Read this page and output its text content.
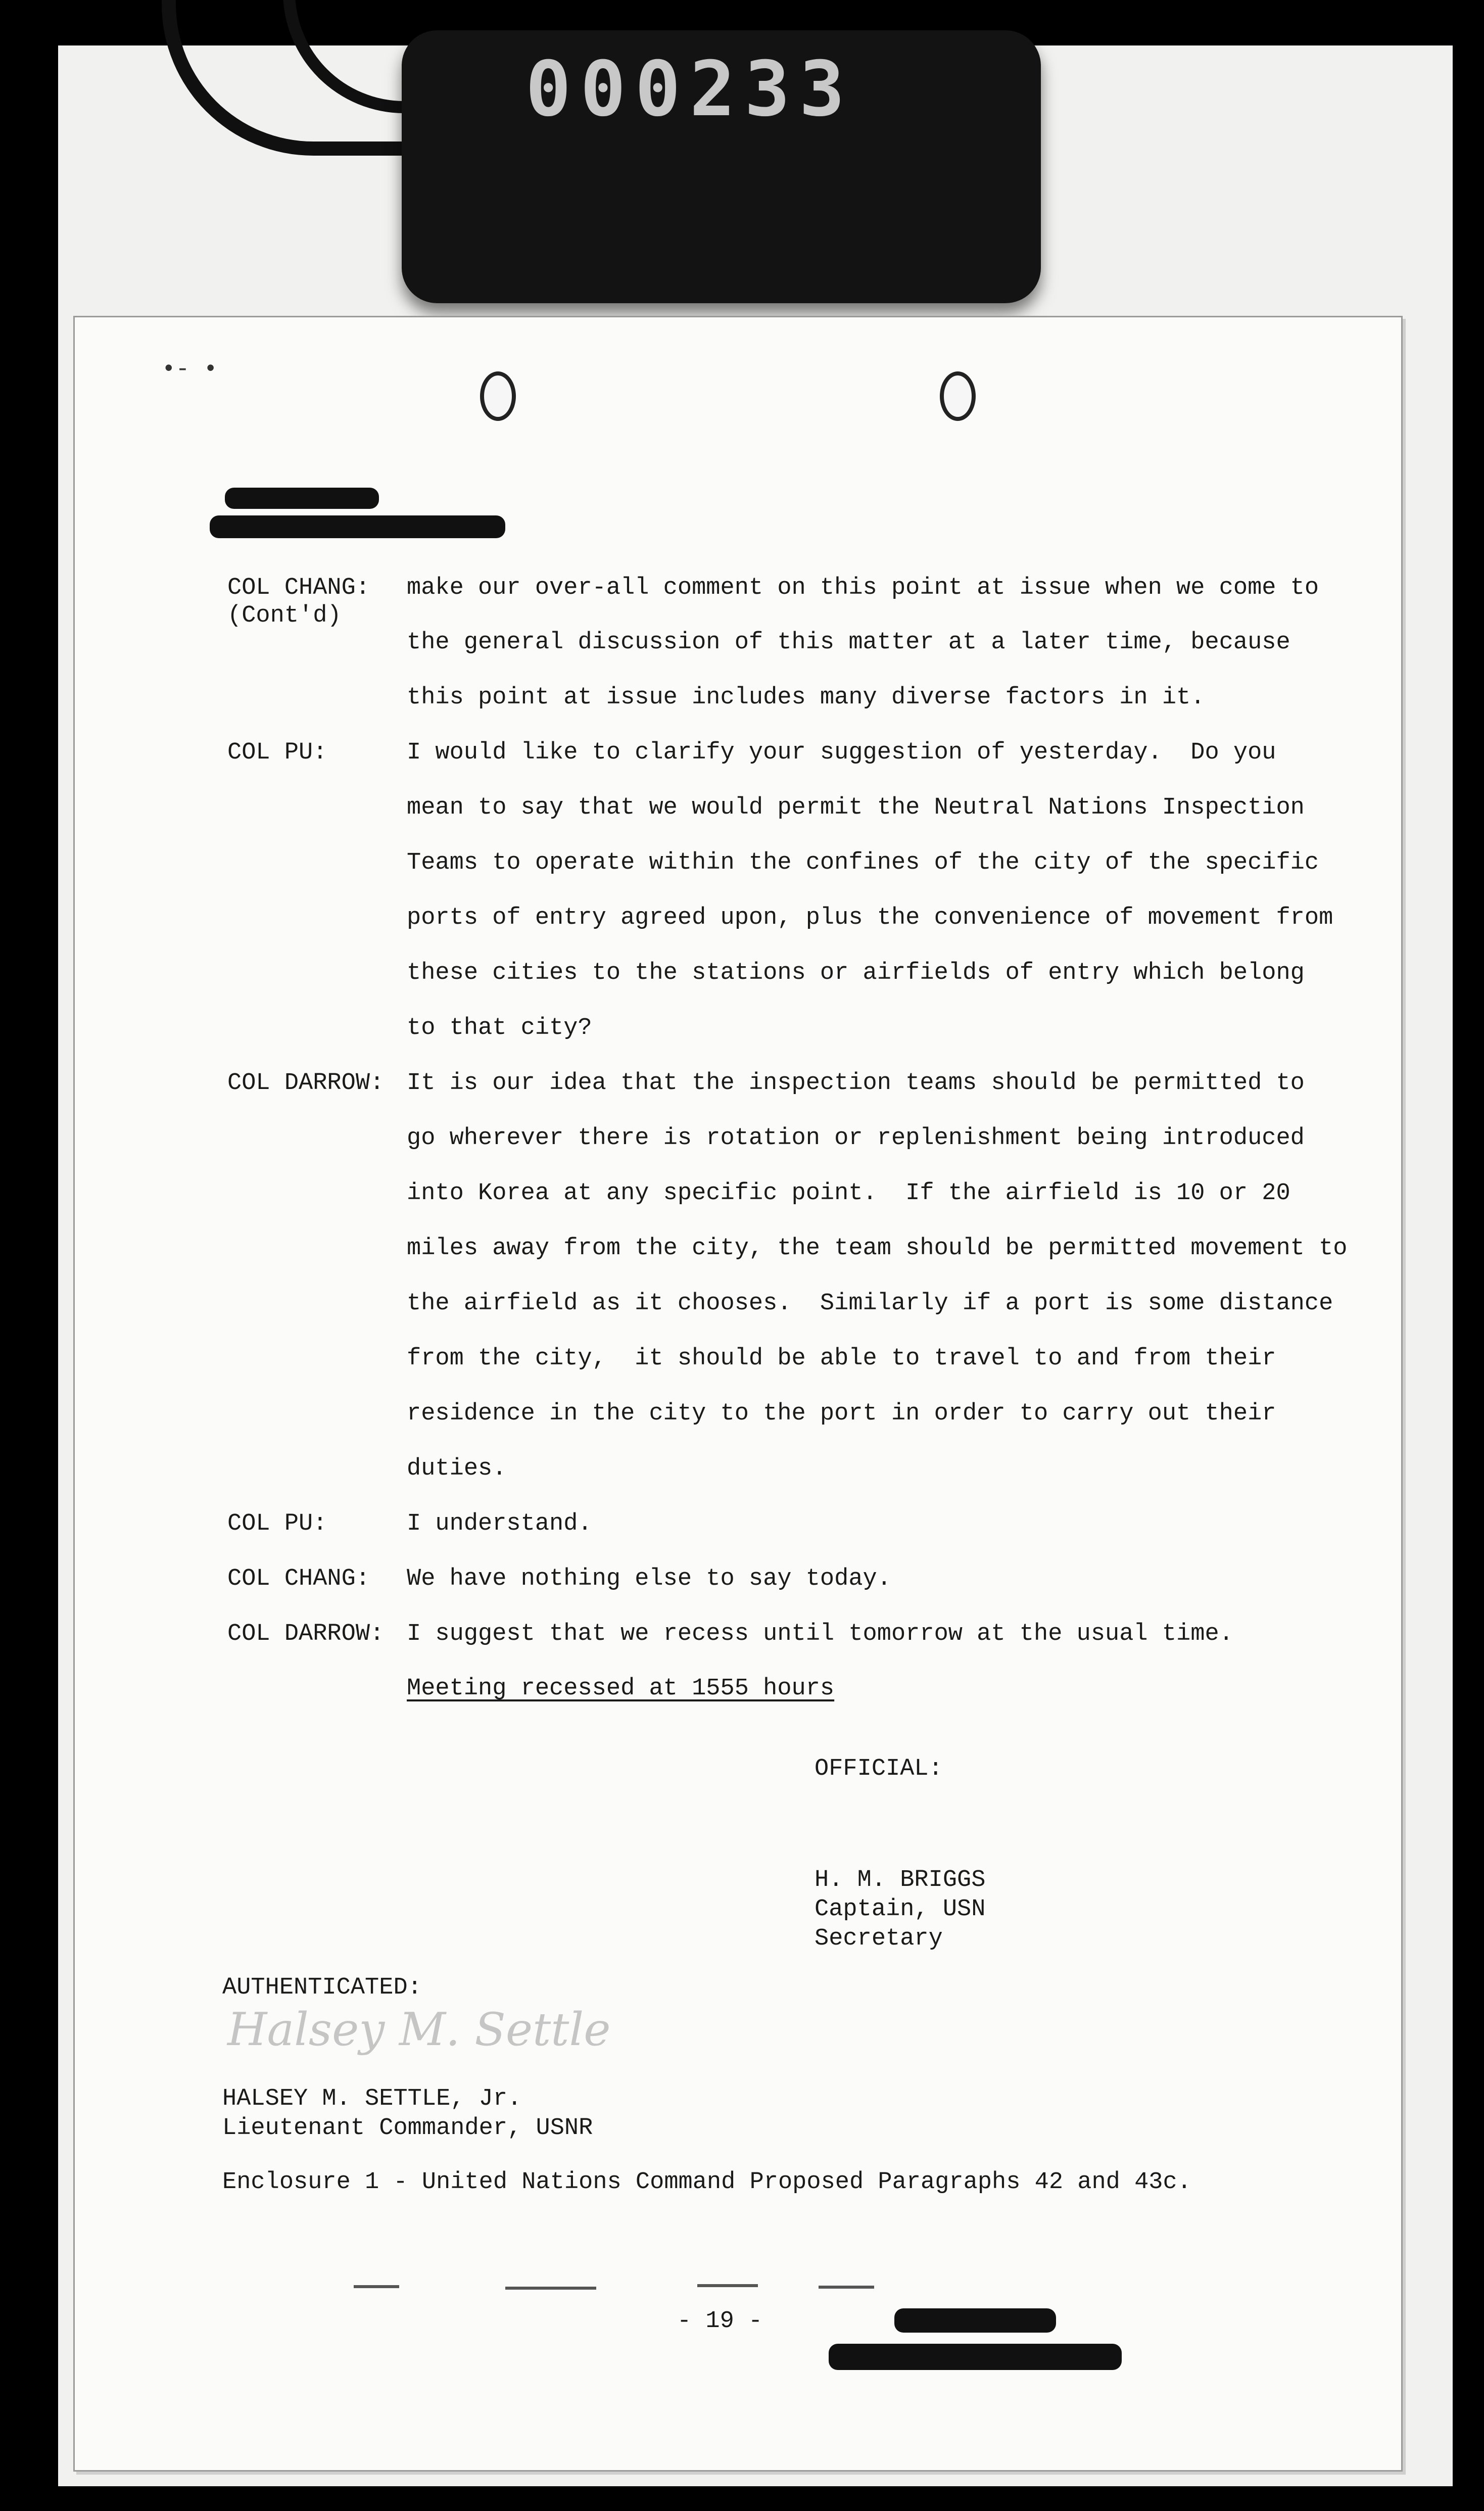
000233
•- •
COL CHANG:
(Cont'd)
make our over-all comment on this point at issue when we come to
the general discussion of this matter at a later time, because
this point at issue includes many diverse factors in it.
COL PU:	I would like to clarify your suggestion of yesterday.  Do you
mean to say that we would permit the Neutral Nations Inspection
Teams to operate within the confines of the city of the specific
ports of entry agreed upon, plus the convenience of movement from
these cities to the stations or airfields of entry which belong
to that city?
COL DARROW: It is our idea that the inspection teams should be permitted to
go wherever there is rotation or replenishment being introduced
into Korea at any specific point.  If the airfield is 10 or 20
miles away from the city, the team should be permitted movement to
the airfield as it chooses.  Similarly if a port is some distance
from the city,  it should be able to travel to and from their
residence in the city to the port in order to carry out their
duties.
COL PU:	I understand.
COL CHANG: We have nothing else to say today.
COL DARROW: I suggest that we recess until tomorrow at the usual time.
Meeting recessed at 1555 hours
OFFICIAL:
H. M. BRIGGS
Captain, USN
Secretary
AUTHENTICATED:
Halsey M. Settle
HALSEY M. SETTLE, Jr.
Lieutenant Commander, USNR
Enclosure 1 - United Nations Command Proposed Paragraphs 42 and 43c.
- 19 -
